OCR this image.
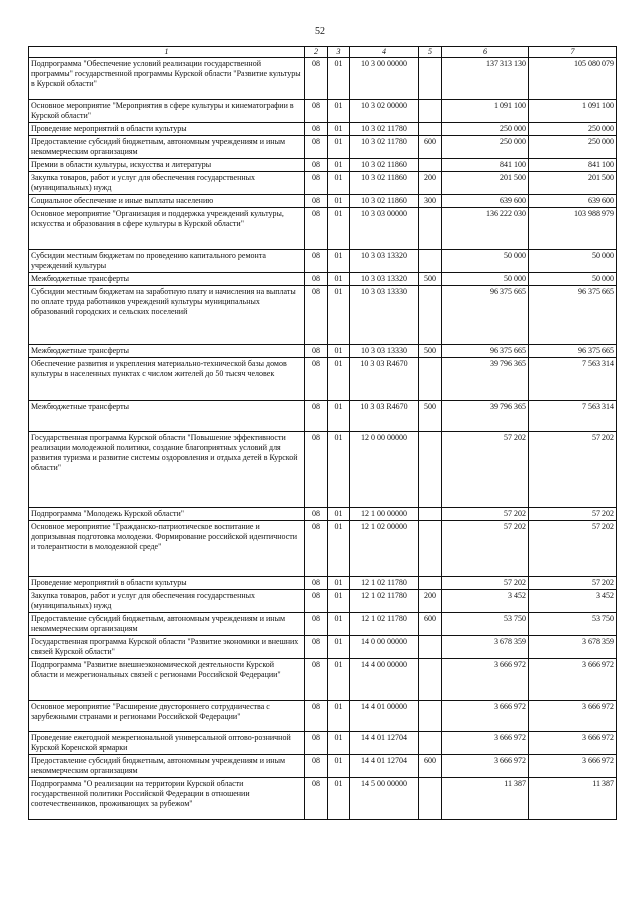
52
1	2	3	4	5	6	7
Подпрограмма "Обеспечение условий реализации государственной программы" государственной программы Курской области "Развитие культуры в Курской области"	08	01	10 3 00 00000		137 313 130	105 080 079
Основное мероприятие "Мероприятия в сфере культуры и кинематографии в Курской области"	08	01	10 3 02 00000		1 091 100	1 091 100
Проведение мероприятий в области культуры	08	01	10 3 02 11780		250 000	250 000
Предоставление субсидий бюджетным, автономным учреждениям и иным некоммерческим организациям	08	01	10 3 02 11780	600	250 000	250 000
Премии в области культуры, искусства и литературы	08	01	10 3 02 11860		841 100	841 100
Закупка товаров, работ и услуг для обеспечения государственных (муниципальных) нужд	08	01	10 3 02 11860	200	201 500	201 500
Социальное обеспечение и иные выплаты населению	08	01	10 3 02 11860	300	639 600	639 600
Основное мероприятие "Организация и поддержка учреждений культуры, искусства и образования в сфере культуры в Курской области"	08	01	10 3 03 00000		136 222 030	103 988 979
Субсидии местным бюджетам по проведению капитального ремонта учреждений культуры	08	01	10 3 03 13320		50 000	50 000
Межбюджетные трансферты	08	01	10 3 03 13320	500	50 000	50 000
Субсидии местным бюджетам на заработную плату и начисления на выплаты по оплате труда работников учреждений культуры муниципальных образований городских и сельских поселений	08	01	10 3 03 13330		96 375 665	96 375 665
Межбюджетные трансферты	08	01	10 3 03 13330	500	96 375 665	96 375 665
Обеспечение развития и укрепления материально-технической базы домов культуры в населенных пунктах с числом жителей до 50 тысяч человек	08	01	10 3 03 R4670		39 796 365	7 563 314
Межбюджетные трансферты	08	01	10 3 03 R4670	500	39 796 365	7 563 314
Государственная программа Курской области "Повышение эффективности реализации молодежной политики, создание благоприятных условий для развития туризма и развитие системы оздоровления и отдыха детей в Курской области"	08	01	12 0 00 00000		57 202	57 202
Подпрограмма "Молодежь Курской области"	08	01	12 1 00 00000		57 202	57 202
Основное мероприятие "Гражданско-патриотическое воспитание и допризывная подготовка молодежи. Формирование российской идентичности и толерантности в молодежной среде"	08	01	12 1 02 00000		57 202	57 202
Проведение мероприятий в области культуры	08	01	12 1 02 11780		57 202	57 202
Закупка товаров, работ и услуг для обеспечения государственных (муниципальных) нужд	08	01	12 1 02 11780	200	3 452	3 452
Предоставление субсидий бюджетным, автономным учреждениям и иным некоммерческим организациям	08	01	12 1 02 11780	600	53 750	53 750
Государственная программа Курской области "Развитие экономики и внешних связей Курской области"	08	01	14 0 00 00000		3 678 359	3 678 359
Подпрограмма "Развитие внешнеэкономической деятельности Курской области и межрегиональных связей с регионами Российской Федерации"	08	01	14 4 00 00000		3 666 972	3 666 972
Основное мероприятие "Расширение двустороннего сотрудничества с зарубежными странами и регионами Российской Федерации"	08	01	14 4 01 00000		3 666 972	3 666 972
Проведение ежегодной межрегиональной универсальной оптово-розничной Курской Коренской ярмарки	08	01	14 4 01 12704		3 666 972	3 666 972
Предоставление субсидий бюджетным, автономным учреждениям и иным некоммерческим организациям	08	01	14 4 01 12704	600	3 666 972	3 666 972
Подпрограмма "О реализации на территории Курской области государственной политики Российской Федерации в отношении соотечественников, проживающих за рубежом"	08	01	14 5 00 00000		11 387	11 387
